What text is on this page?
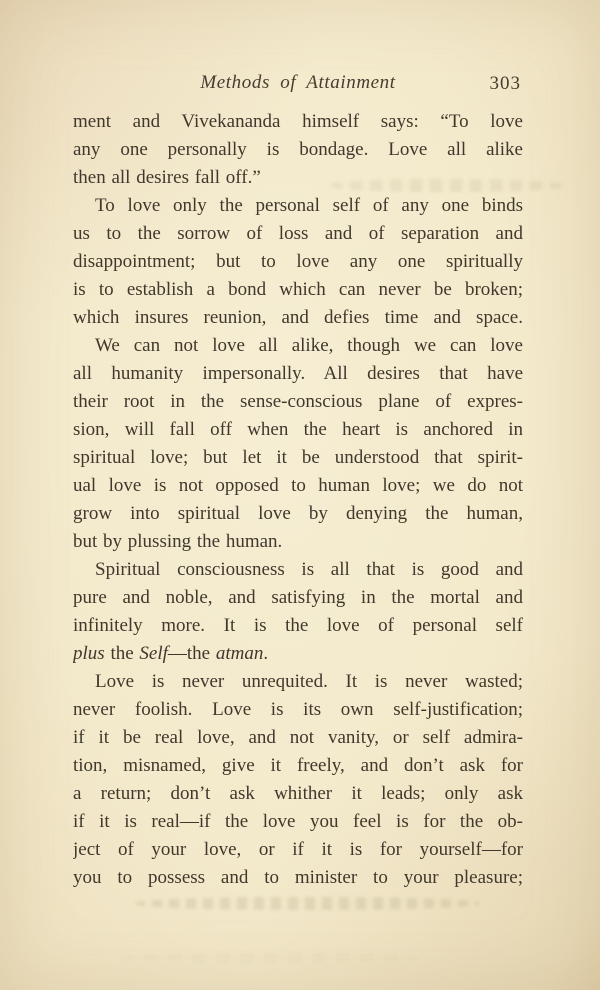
Methods of Attainment	303

ment and Vivekananda himself says: “To love
any one personally is bondage. Love all alike
then all desires fall off.”

To love only the personal self of any one binds
us to the sorrow of loss and of separation and
disappointment; but to love any one spiritually
is to establish a bond which can never be broken;
which insures reunion, and defies time and space.

We can not love all alike, though we can love
all humanity impersonally. All desires that have
their root in the sense-conscious plane of expres-
sion, will fall off when the heart is anchored in
spiritual love; but let it be understood that spirit-
ual love is not opposed to human love; we do not
grow into spiritual love by denying the human,
but by plussing the human.

Spiritual consciousness is all that is good and
pure and noble, and satisfying in the mortal and
infinitely more. It is the love of personal self
plus the Self—the atman.

Love is never unrequited. It is never wasted;
never foolish. Love is its own self-justification;
if it be real love, and not vanity, or self admira-
tion, misnamed, give it freely, and don’t ask for
a return; don’t ask whither it leads; only ask
if it is real—if the love you feel is for the ob-
ject of your love, or if it is for yourself—for
you to possess and to minister to your pleasure;
